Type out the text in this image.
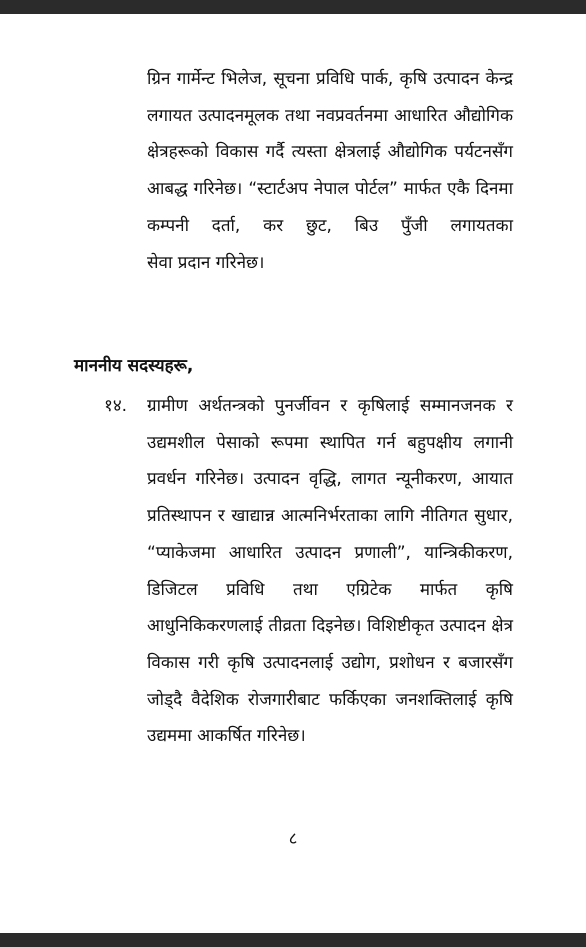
ग्रिन गार्मेन्ट भिलेज, सूचना प्रविधि पार्क, कृषि उत्पादन केन्द्र लगायत उत्पादनमूलक तथा नवप्रवर्तनमा आधारित औद्योगिक क्षेत्रहरूको विकास गर्दै त्यस्ता क्षेत्रलाई औद्योगिक पर्यटनसँग आबद्ध गरिनेछ। “स्टार्टअप नेपाल पोर्टल” मार्फत एकै दिनमा कम्पनी दर्ता, कर छुट, बिउ पुँजी लगायतका
सेवा प्रदान गरिनेछ।

माननीय सदस्यहरू,

१४. ग्रामीण अर्थतन्त्रको पुनर्जीवन र कृषिलाई सम्मानजनक र उद्यमशील पेसाको रूपमा स्थापित गर्न बहुपक्षीय लगानी प्रवर्धन गरिनेछ। उत्पादन वृद्धि, लागत न्यूनीकरण, आयात प्रतिस्थापन र खाद्यान्न आत्मनिर्भरताका लागि नीतिगत सुधार, “प्याकेजमा आधारित उत्पादन प्रणाली”, यान्त्रिकीकरण, डिजिटल प्रविधि तथा एग्रिटेक मार्फत कृषि आधुनिकिकरणलाई तीव्रता दिइनेछ। विशिष्टीकृत उत्पादन क्षेत्र विकास गरी कृषि उत्पादनलाई उद्योग, प्रशोधन र बजारसँग जोड्दै वैदेशिक रोजगारीबाट फर्किएका जनशक्तिलाई कृषि
उद्यममा आकर्षित गरिनेछ।

८
